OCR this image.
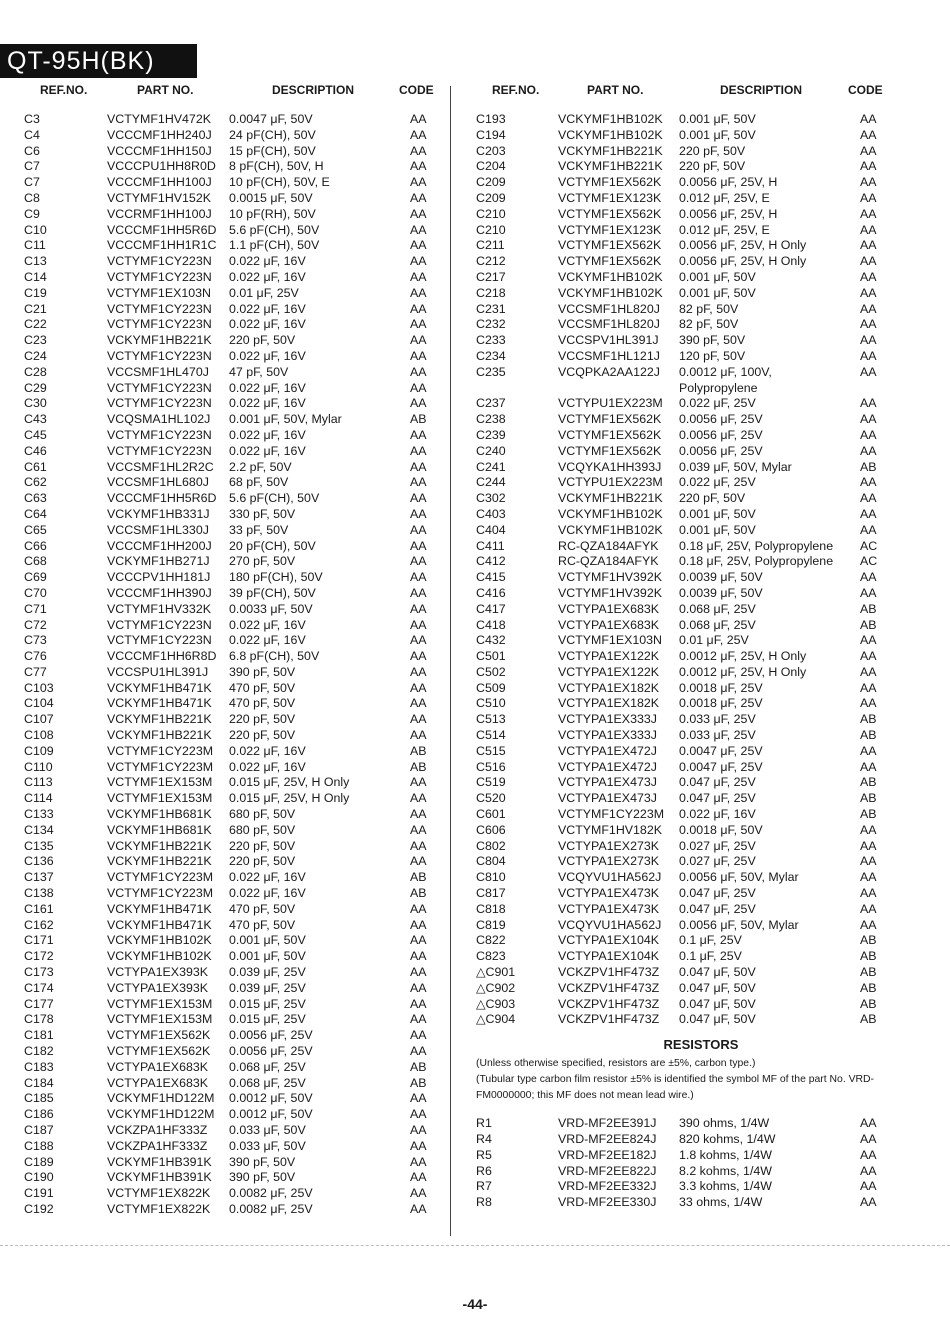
QT-95H(BK)
REF.NO.	PART NO.	DESCRIPTION	CODE	REF.NO.	PART NO.	DESCRIPTION	CODE
C3	VCTYMF1HV472K 0.0047 μF, 50V	AA
C4	VCCCMF1HH240J 24 pF(CH), 50V	AA
C6	VCCCMF1HH150J 15 pF(CH), 50V	AA
C7	VCCCPU1HH8R0D 8 pF(CH), 50V, H	AA
C7	VCCCMF1HH100J 10 pF(CH), 50V, E	AA
C8	VCTYMF1HV152K 0.0015 μF, 50V	AA
C9	VCCRMF1HH100J 10 pF(RH), 50V	AA
C10	VCCCMF1HH5R6D 5.6 pF(CH), 50V	AA
C11	VCCCMF1HH1R1C 1.1 pF(CH), 50V	AA
C13	VCTYMF1CY223N 0.022 μF, 16V	AA
C14	VCTYMF1CY223N 0.022 μF, 16V	AA
C19	VCTYMF1EX103N 0.01 μF, 25V	AA
C21	VCTYMF1CY223N 0.022 μF, 16V	AA
C22	VCTYMF1CY223N 0.022 μF, 16V	AA
C23	VCKYMF1HB221K 220 pF, 50V	AA
C24	VCTYMF1CY223N 0.022 μF, 16V	AA
C28	VCCSMF1HL470J 47 pF, 50V	AA
C29	VCTYMF1CY223N 0.022 μF, 16V	AA
C30	VCTYMF1CY223N 0.022 μF, 16V	AA
C43	VCQSMA1HL102J 0.001 μF, 50V, Mylar	AB
C45	VCTYMF1CY223N 0.022 μF, 16V	AA
C46	VCTYMF1CY223N 0.022 μF, 16V	AA
C61	VCCSMF1HL2R2C 2.2 pF, 50V	AA
C62	VCCSMF1HL680J 68 pF, 50V	AA
C63	VCCCMF1HH5R6D 5.6 pF(CH), 50V	AA
C64	VCKYMF1HB331J 330 pF, 50V	AA
C65	VCCSMF1HL330J 33 pF, 50V	AA
C66	VCCCMF1HH200J 20 pF(CH), 50V	AA
C68	VCKYMF1HB271J 270 pF, 50V	AA
C69	VCCCPV1HH181J 180 pF(CH), 50V	AA
C70	VCCCMF1HH390J 39 pF(CH), 50V	AA
C71	VCTYMF1HV332K 0.0033 μF, 50V	AA
C72	VCTYMF1CY223N 0.022 μF, 16V	AA
C73	VCTYMF1CY223N 0.022 μF, 16V	AA
C76	VCCCMF1HH6R8D 6.8 pF(CH), 50V	AA
C77	VCCSPU1HL391J 390 pF, 50V	AA
C103	VCKYMF1HB471K 470 pF, 50V	AA
C104	VCKYMF1HB471K 470 pF, 50V	AA
C107	VCKYMF1HB221K 220 pF, 50V	AA
C108	VCKYMF1HB221K 220 pF, 50V	AA
C109	VCTYMF1CY223M 0.022 μF, 16V	AB
C110	VCTYMF1CY223M 0.022 μF, 16V	AB
C113	VCTYMF1EX153M 0.015 μF, 25V, H Only	AA
C114	VCTYMF1EX153M 0.015 μF, 25V, H Only	AA
C133	VCKYMF1HB681K 680 pF, 50V	AA
C134	VCKYMF1HB681K 680 pF, 50V	AA
C135	VCKYMF1HB221K 220 pF, 50V	AA
C136	VCKYMF1HB221K 220 pF, 50V	AA
C137	VCTYMF1CY223M 0.022 μF, 16V	AB
C138	VCTYMF1CY223M 0.022 μF, 16V	AB
C161	VCKYMF1HB471K 470 pF, 50V	AA
C162	VCKYMF1HB471K 470 pF, 50V	AA
C171	VCKYMF1HB102K 0.001 μF, 50V	AA
C172	VCKYMF1HB102K 0.001 μF, 50V	AA
C173	VCTYPA1EX393K 0.039 μF, 25V	AA
C174	VCTYPA1EX393K 0.039 μF, 25V	AA
C177	VCTYMF1EX153M 0.015 μF, 25V	AA
C178	VCTYMF1EX153M 0.015 μF, 25V	AA
C181	VCTYMF1EX562K 0.0056 μF, 25V	AA
C182	VCTYMF1EX562K 0.0056 μF, 25V	AA
C183	VCTYPA1EX683K 0.068 μF, 25V	AB
C184	VCTYPA1EX683K 0.068 μF, 25V	AB
C185	VCKYMF1HD122M 0.0012 μF, 50V	AA
C186	VCKYMF1HD122M 0.0012 μF, 50V	AA
C187	VCKZPA1HF333Z 0.033 μF, 50V	AA
C188	VCKZPA1HF333Z 0.033 μF, 50V	AA
C189	VCKYMF1HB391K 390 pF, 50V	AA
C190	VCKYMF1HB391K 390 pF, 50V	AA
C191	VCTYMF1EX822K 0.0082 μF, 25V	AA
C192	VCTYMF1EX822K 0.0082 μF, 25V	AA
C193	VCKYMF1HB102K 0.001 μF, 50V	AA
C194	VCKYMF1HB102K 0.001 μF, 50V	AA
C203	VCKYMF1HB221K 220 pF, 50V	AA
C204	VCKYMF1HB221K 220 pF, 50V	AA
C209	VCTYMF1EX562K 0.0056 μF, 25V, H	AA
C209	VCTYMF1EX123K 0.012 μF, 25V, E	AA
C210	VCTYMF1EX562K 0.0056 μF, 25V, H	AA
C210	VCTYMF1EX123K 0.012 μF, 25V, E	AA
C211	VCTYMF1EX562K 0.0056 μF, 25V, H Only	AA
C212	VCTYMF1EX562K 0.0056 μF, 25V, H Only	AA
C217	VCKYMF1HB102K 0.001 μF, 50V	AA
C218	VCKYMF1HB102K 0.001 μF, 50V	AA
C231	VCCSMF1HL820J 82 pF, 50V	AA
C232	VCCSMF1HL820J 82 pF, 50V	AA
C233	VCCSPV1HL391J 390 pF, 50V	AA
C234	VCCSMF1HL121J 120 pF, 50V	AA
C235	VCQPKA2AA122J 0.0012 μF, 100V,	AA
Polypropylene
C237	VCTYPU1EX223M 0.022 μF, 25V	AA
C238	VCTYMF1EX562K 0.0056 μF, 25V	AA
C239	VCTYMF1EX562K 0.0056 μF, 25V	AA
C240	VCTYMF1EX562K 0.0056 μF, 25V	AA
C241	VCQYKA1HH393J 0.039 μF, 50V, Mylar	AB
C244	VCTYPU1EX223M 0.022 μF, 25V	AA
C302	VCKYMF1HB221K 220 pF, 50V	AA
C403	VCKYMF1HB102K 0.001 μF, 50V	AA
C404	VCKYMF1HB102K 0.001 μF, 50V	AA
C411	RC-QZA184AFYK 0.18 μF, 25V, Polypropylene AC
C412	RC-QZA184AFYK 0.18 μF, 25V, Polypropylene AC
C415	VCTYMF1HV392K 0.0039 μF, 50V	AA
C416	VCTYMF1HV392K 0.0039 μF, 50V	AA
C417	VCTYPA1EX683K 0.068 μF, 25V	AB
C418	VCTYPA1EX683K 0.068 μF, 25V	AB
C432	VCTYMF1EX103N 0.01 μF, 25V	AA
C501	VCTYPA1EX122K 0.0012 μF, 25V, H Only	AA
C502	VCTYPA1EX122K 0.0012 μF, 25V, H Only	AA
C509	VCTYPA1EX182K 0.0018 μF, 25V	AA
C510	VCTYPA1EX182K 0.0018 μF, 25V	AA
C513	VCTYPA1EX333J 0.033 μF, 25V	AB
C514	VCTYPA1EX333J 0.033 μF, 25V	AB
C515	VCTYPA1EX472J 0.0047 μF, 25V	AA
C516	VCTYPA1EX472J 0.0047 μF, 25V	AA
C519	VCTYPA1EX473J 0.047 μF, 25V	AB
C520	VCTYPA1EX473J 0.047 μF, 25V	AB
C601	VCTYMF1CY223M 0.022 μF, 16V	AB
C606	VCTYMF1HV182K 0.0018 μF, 50V	AA
C802	VCTYPA1EX273K 0.027 μF, 25V	AA
C804	VCTYPA1EX273K 0.027 μF, 25V	AA
C810	VCQYVU1HA562J 0.0056 μF, 50V, Mylar	AA
C817	VCTYPA1EX473K 0.047 μF, 25V	AA
C818	VCTYPA1EX473K 0.047 μF, 25V	AA
C819	VCQYVU1HA562J 0.0056 μF, 50V, Mylar	AA
C822	VCTYPA1EX104K 0.1 μF, 25V	AB
C823	VCTYPA1EX104K 0.1 μF, 25V	AB
△C901	VCKZPV1HF473Z 0.047 μF, 50V	AB
△C902	VCKZPV1HF473Z 0.047 μF, 50V	AB
△C903	VCKZPV1HF473Z 0.047 μF, 50V	AB
△C904	VCKZPV1HF473Z 0.047 μF, 50V	AB
RESISTORS
(Unless otherwise specified, resistors are ±5%, carbon type.)
(Tubular type carbon film resistor ±5% is identified the symbol MF of the part No. VRD-FM0000000; this MF does not mean lead wire.)
R1	VRD-MF2EE391J 390 ohms, 1/4W	AA
R4	VRD-MF2EE824J 820 kohms, 1/4W	AA
R5	VRD-MF2EE182J 1.8 kohms, 1/4W	AA
R6	VRD-MF2EE822J 8.2 kohms, 1/4W	AA
R7	VRD-MF2EE332J 3.3 kohms, 1/4W	AA
R8	VRD-MF2EE330J 33 ohms, 1/4W	AA
-44-
